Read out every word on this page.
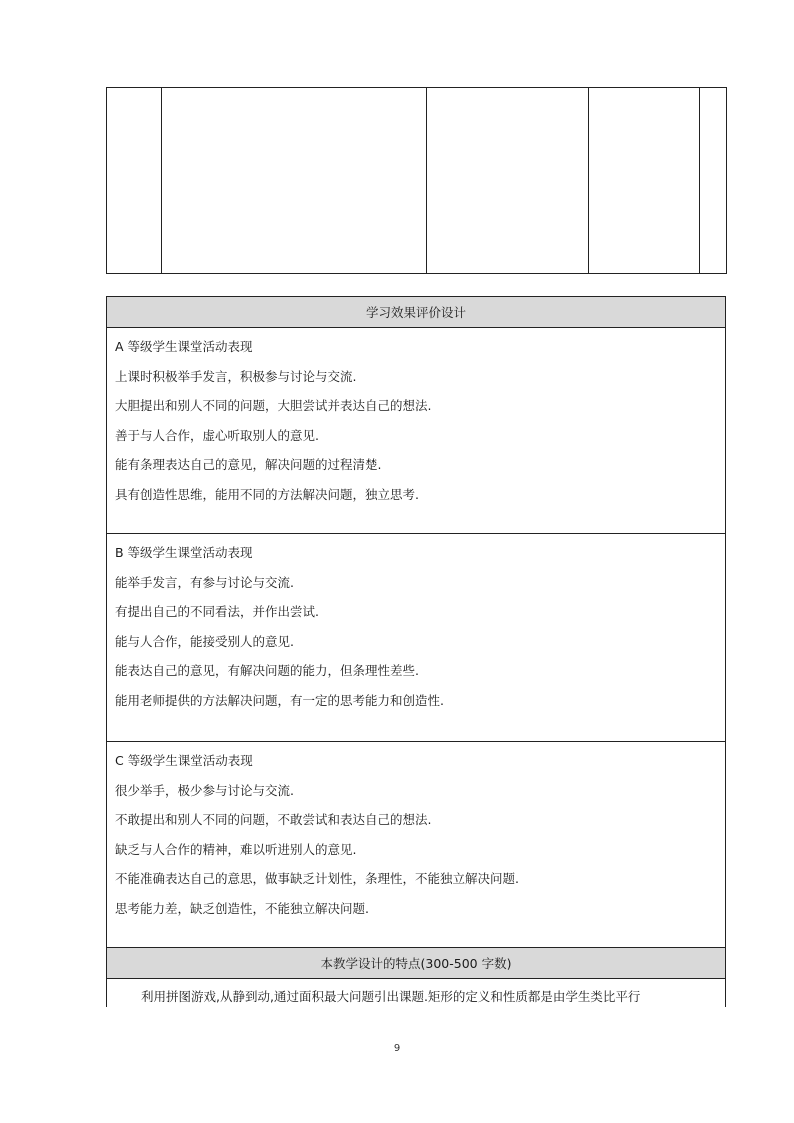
学习效果评价设计
A 等级学生课堂活动表现
上课时积极举手发言，积极参与讨论与交流.
大胆提出和别人不同的问题，大胆尝试并表达自己的想法.
善于与人合作，虚心听取别人的意见.
能有条理表达自己的意见，解决问题的过程清楚.
具有创造性思维，能用不同的方法解决问题，独立思考.
B 等级学生课堂活动表现
能举手发言，有参与讨论与交流.
有提出自己的不同看法，并作出尝试.
能与人合作，能接受别人的意见.
能表达自己的意见，有解决问题的能力，但条理性差些.
能用老师提供的方法解决问题，有一定的思考能力和创造性.
C 等级学生课堂活动表现
很少举手，极少参与讨论与交流.
不敢提出和别人不同的问题，不敢尝试和表达自己的想法.
缺乏与人合作的精神，难以听进别人的意见.
不能准确表达自己的意思，做事缺乏计划性，条理性，不能独立解决问题.
思考能力差，缺乏创造性，不能独立解决问题.
本教学设计的特点(300-500 字数)
利用拼图游戏,从静到动,通过面积最大问题引出课题.矩形的定义和性质都是由学生类比平行
9
